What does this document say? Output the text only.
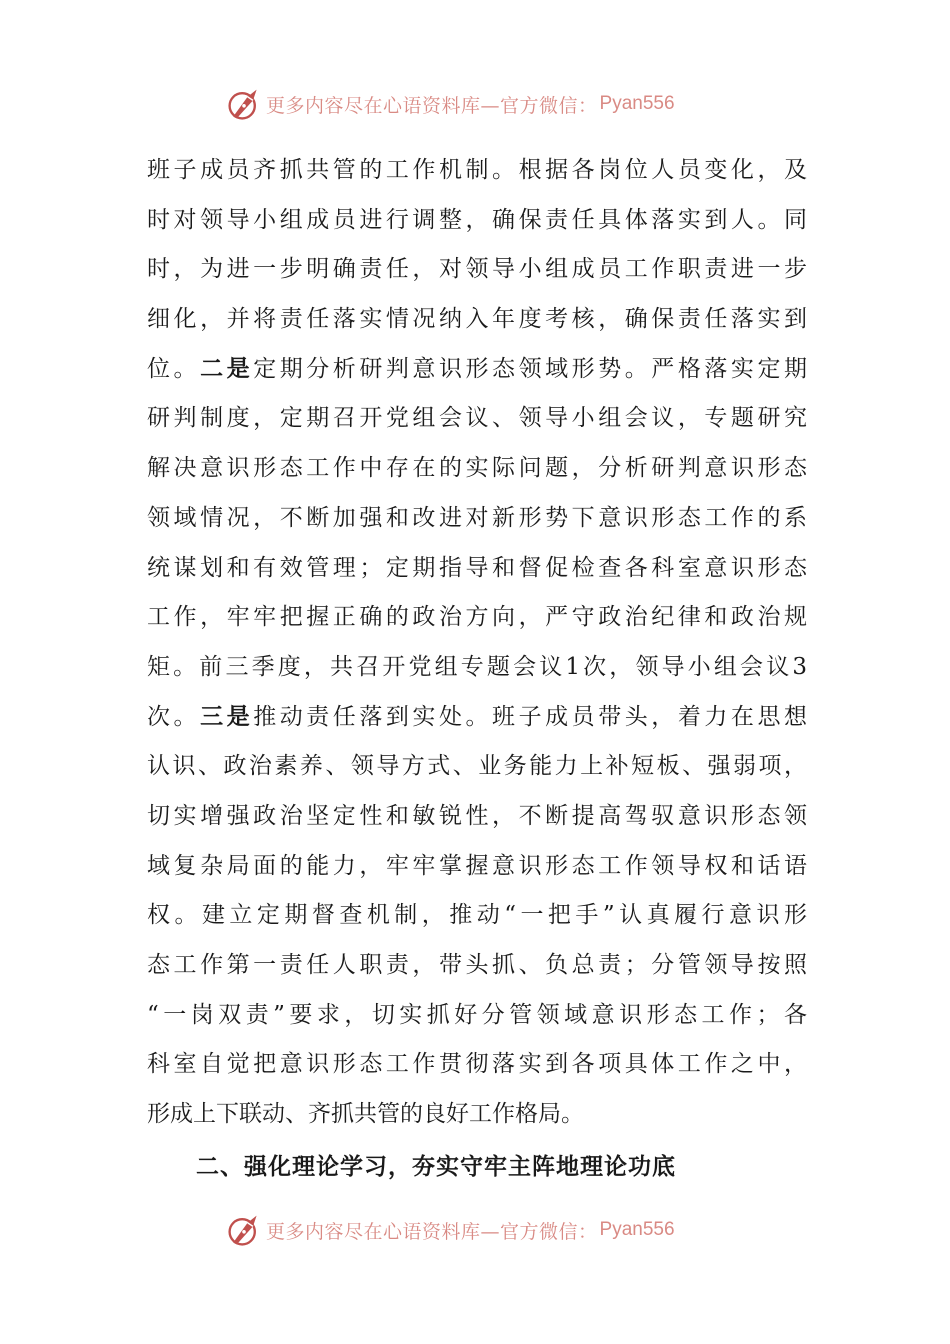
更多内容尽在心语资料库—官方微信： Pyan556
班子成员齐抓共管的工作机制。根据各岗位人员变化，及
时对领导小组成员进行调整，确保责任具体落实到人。同
时，为进一步明确责任，对领导小组成员工作职责进一步
细化，并将责任落实情况纳入年度考核，确保责任落实到
位。二是定期分析研判意识形态领域形势。严格落实定期
研判制度，定期召开党组会议、领导小组会议，专题研究
解决意识形态工作中存在的实际问题，分析研判意识形态
领域情况，不断加强和改进对新形势下意识形态工作的系
统谋划和有效管理；定期指导和督促检查各科室意识形态
工作，牢牢把握正确的政治方向，严守政治纪律和政治规
矩。前三季度，共召开党组专题会议1次，领导小组会议3
次。三是推动责任落到实处。班子成员带头，着力在思想
认识、政治素养、领导方式、业务能力上补短板、强弱项，
切实增强政治坚定性和敏锐性，不断提高驾驭意识形态领
域复杂局面的能力，牢牢掌握意识形态工作领导权和话语
权。建立定期督查机制，推动“一把手”认真履行意识形
态工作第一责任人职责，带头抓、负总责；分管领导按照
“一岗双责”要求，切实抓好分管领域意识形态工作；各
科室自觉把意识形态工作贯彻落实到各项具体工作之中，
形成上下联动、齐抓共管的良好工作格局。
二、强化理论学习，夯实守牢主阵地理论功底
更多内容尽在心语资料库—官方微信： Pyan556
